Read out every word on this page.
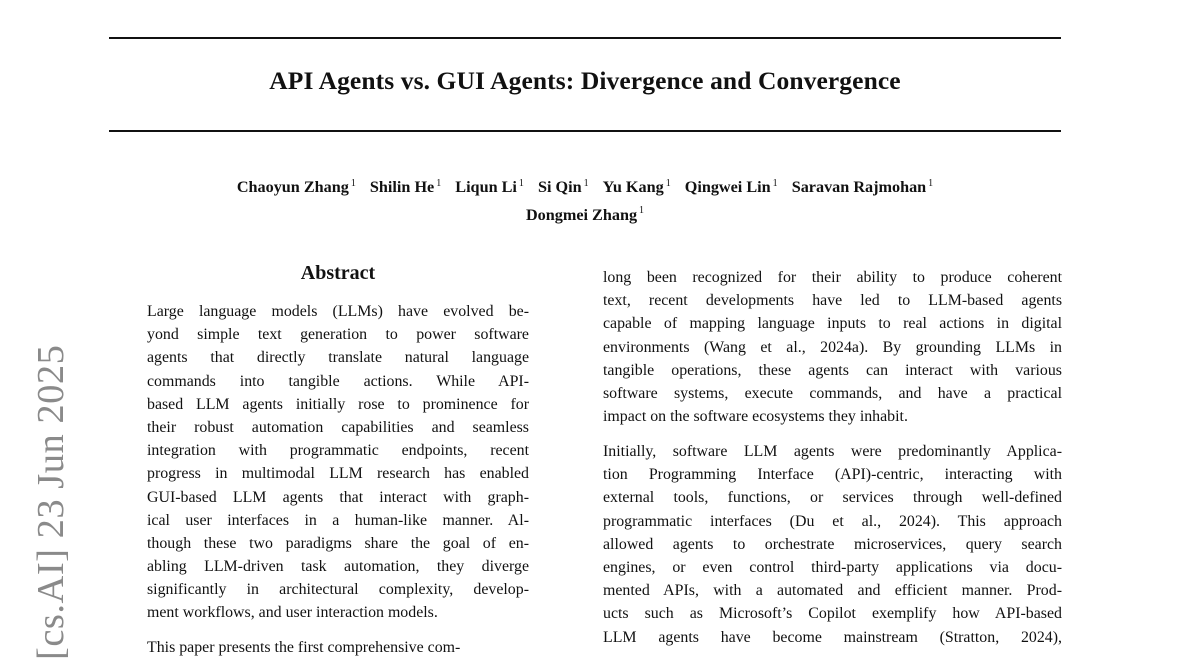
API Agents vs. GUI Agents: Divergence and Convergence
Chaoyun Zhang $^1$ Shilin He $^1$ Liqun Li $^1$ Si Qin $^1$ Yu Kang $^1$ Qingwei Lin $^1$ Saravan Rajmohan $^1$
Dongmei Zhang $^1$
[cs.AI] 23 Jun 2025
Abstract
Large language models (LLMs) have evolved be-
yond simple text generation to power software
agents that directly translate natural language
commands into tangible actions. While API-
based LLM agents initially rose to prominence for
their robust automation capabilities and seamless
integration with programmatic endpoints, recent
progress in multimodal LLM research has enabled
GUI-based LLM agents that interact with graph-
ical user interfaces in a human-like manner. Al-
though these two paradigms share the goal of en-
abling LLM-driven task automation, they diverge
significantly in architectural complexity, develop-
ment workflows, and user interaction models.
This paper presents the first comprehensive com-
long been recognized for their ability to produce coherent
text, recent developments have led to LLM-based agents
capable of mapping language inputs to real actions in digital
environments (Wang et al., 2024a). By grounding LLMs in
tangible operations, these agents can interact with various
software systems, execute commands, and have a practical
impact on the software ecosystems they inhabit.
Initially, software LLM agents were predominantly Applica-
tion Programming Interface (API)-centric, interacting with
external tools, functions, or services through well-defined
programmatic interfaces (Du et al., 2024). This approach
allowed agents to orchestrate microservices, query search
engines, or even control third-party applications via docu-
mented APIs, with a automated and efficient manner. Prod-
ucts such as Microsoft’s Copilot exemplify how API-based
LLM agents have become mainstream (Stratton, 2024),
